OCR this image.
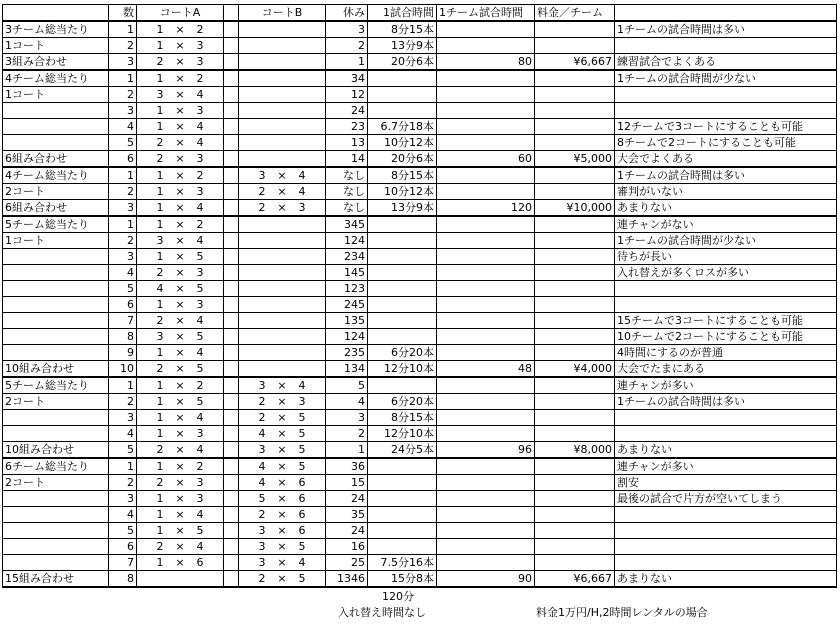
	数	コートA				コートB			休み	1試合時間	1チーム試合時間	料金／チーム	
3チーム総当たり	1	1	×	2					3	8分15本			1チームの試合時間は多い
1コート	2	1	×	3					2	13分9本			
3組み合わせ	3	2	×	3					1	20分6本	80	¥6,667	練習試合でよくある
4チーム総当たり	1	1	×	2					34				1チームの試合時間が少ない
1コート	2	3	×	4					12				
	3	1	×	3					24				
	4	1	×	4					23	6.7分18本			12チームで3コートにすることも可能
	5	2	×	4					13	10分12本			8チームで2コートにすることも可能
6組み合わせ	6	2	×	3					14	20分6本	60	¥5,000	大会でよくある
4チーム総当たり	1	1	×	2		3	×	4	なし	8分15本			1チームの試合時間は多い
2コート	2	1	×	3		2	×	4	なし	10分12本			審判がいない
6組み合わせ	3	1	×	4		2	×	3	なし	13分9本	120	¥10,000	あまりない
5チーム総当たり	1	1	×	2					345				連チャンがない
1コート	2	3	×	4					124				1チームの試合時間が少ない
	3	1	×	5					234				待ちが長い
	4	2	×	3					145				入れ替えが多くロスが多い
	5	4	×	5					123				
	6	1	×	3					245				
	7	2	×	4					135				15チームで3コートにすることも可能
	8	3	×	5					124				10チームで2コートにすることも可能
	9	1	×	4					235	6分20本			4時間にするのが普通
10組み合わせ	10	2	×	5					134	12分10本	48	¥4,000	大会でたまにある
5チーム総当たり	1	1	×	2		3	×	4	5				連チャンが多い
2コート	2	1	×	5		2	×	3	4	6分20本			1チームの試合時間は多い
	3	1	×	4		2	×	5	3	8分15本			
	4	1	×	3		4	×	5	2	12分10本			
10組み合わせ	5	2	×	4		3	×	5	1	24分5本	96	¥8,000	あまりない
6チーム総当たり	1	1	×	2		4	×	5	36				連チャンが多い
2コート	2	2	×	3		4	×	6	15				割安
	3	1	×	3		5	×	6	24				最後の試合で片方が空いてしまう
	4	1	×	4		2	×	6	35				
	5	1	×	5		3	×	6	24				
	6	2	×	4		3	×	5	16				
	7	1	×	6		3	×	4	25	7.5分16本			
15組み合わせ	8					2	×	5	1346	15分8本	90	¥6,667	あまりない
120分
入れ替え時間なし	料金1万円/H,2時間レンタルの場合
